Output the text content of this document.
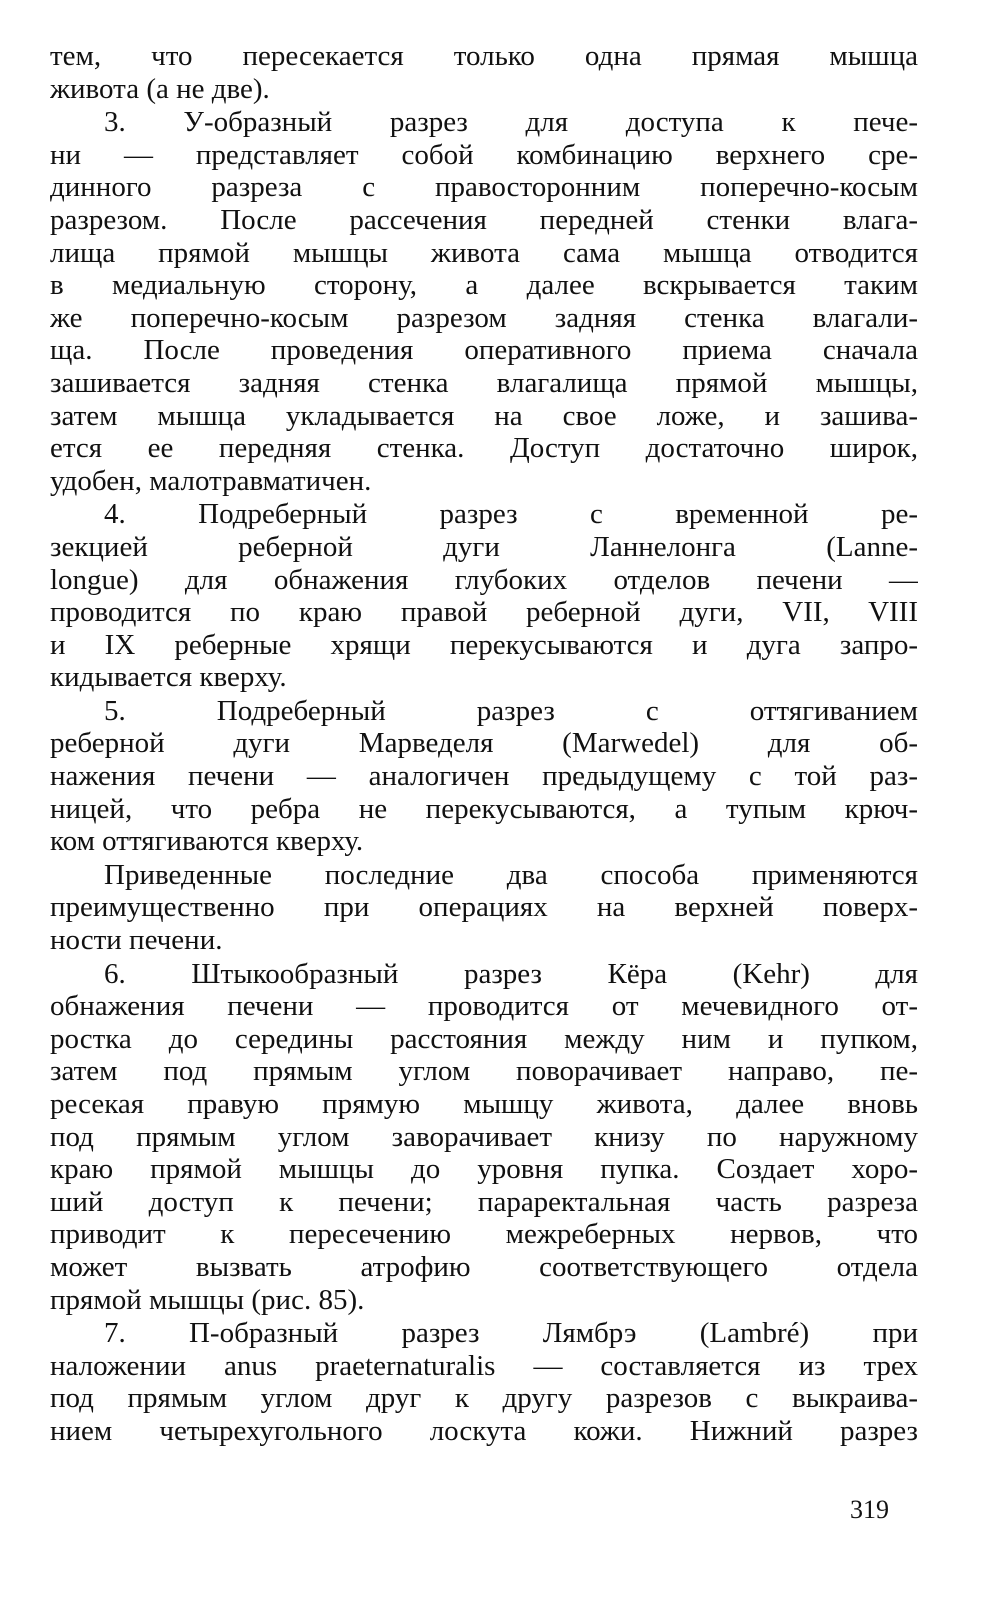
тем, что пересекается только одна прямая мышца
живота (а не две).
3. У-образный разрез для доступа к пече-
ни — представляет собой комбинацию верхнего сре-
динного разреза с правосторонним поперечно-косым
разрезом. После рассечения передней стенки влага-
лища прямой мышцы живота сама мышца отводится
в медиальную сторону, а далее вскрывается таким
же поперечно-косым разрезом задняя стенка влагали-
ща. После проведения оперативного приема сначала
зашивается задняя стенка влагалища прямой мышцы,
затем мышца укладывается на свое ложе, и зашива-
ется ее передняя стенка. Доступ достаточно широк,
удобен, малотравматичен.
4. Подреберный разрез с временной ре-
зекцией реберной дуги Ланнелонга (Lanne-
longue) для обнажения глубоких отделов печени —
проводится по краю правой реберной дуги, VII, VIII
и IX реберные хрящи перекусываются и дуга запро-
кидывается кверху.
5. Подреберный разрез с оттягиванием
реберной дуги Марведеля (Marwedel) для об-
нажения печени — аналогичен предыдущему с той раз-
ницей, что ребра не перекусываются, а тупым крюч-
ком оттягиваются кверху.
Приведенные последние два способа применяются
преимущественно при операциях на верхней поверх-
ности печени.
6. Штыкообразный разрез Кёра (Kehr) для
обнажения печени — проводится от мечевидного от-
ростка до середины расстояния между ним и пупком,
затем под прямым углом поворачивает направо, пе-
ресекая правую прямую мышцу живота, далее вновь
под прямым углом заворачивает книзу по наружному
краю прямой мышцы до уровня пупка. Создает хоро-
ший доступ к печени; параректальная часть разреза
приводит к пересечению межреберных нервов, что
может вызвать атрофию соответствующего отдела
прямой мышцы (рис. 85).
7. П-образный разрез Лямбрэ (Lambré) при
наложении anus praeternaturalis — составляется из трех
под прямым углом друг к другу разрезов с выкраива-
нием четырехугольного лоскута кожи. Нижний разрез
319
